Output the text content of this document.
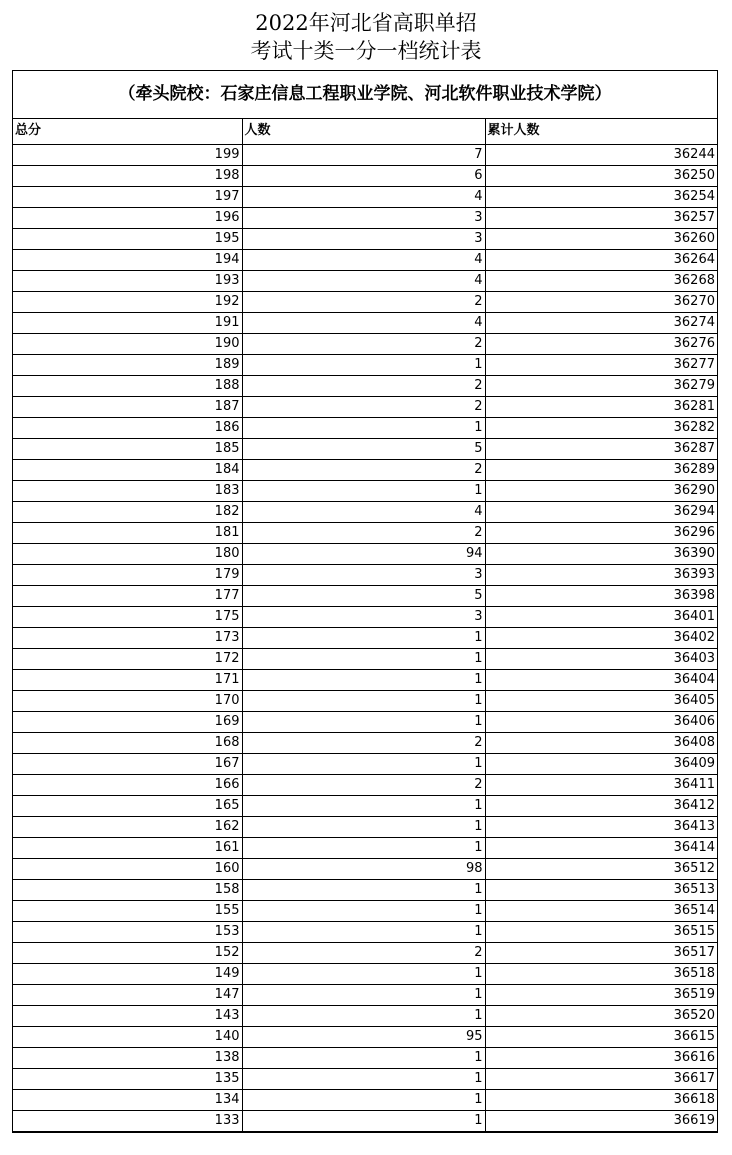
2022年河北省高职单招
考试十类一分一档统计表
（牵头院校：石家庄信息工程职业学院、河北软件职业技术学院）
总分	人数	累计人数
199	7	36244
198	6	36250
197	4	36254
196	3	36257
195	3	36260
194	4	36264
193	4	36268
192	2	36270
191	4	36274
190	2	36276
189	1	36277
188	2	36279
187	2	36281
186	1	36282
185	5	36287
184	2	36289
183	1	36290
182	4	36294
181	2	36296
180	94	36390
179	3	36393
177	5	36398
175	3	36401
173	1	36402
172	1	36403
171	1	36404
170	1	36405
169	1	36406
168	2	36408
167	1	36409
166	2	36411
165	1	36412
162	1	36413
161	1	36414
160	98	36512
158	1	36513
155	1	36514
153	1	36515
152	2	36517
149	1	36518
147	1	36519
143	1	36520
140	95	36615
138	1	36616
135	1	36617
134	1	36618
133	1	36619
